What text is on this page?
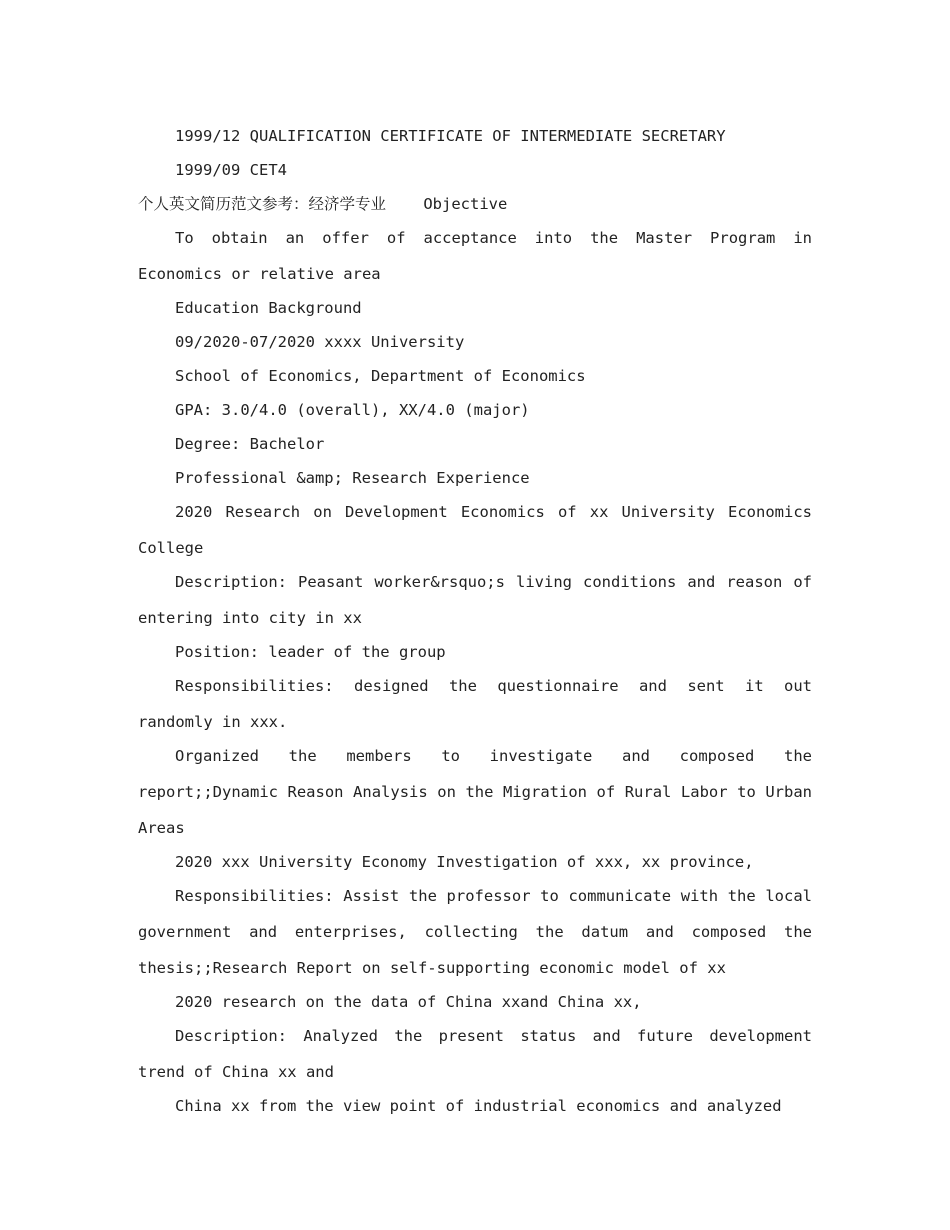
1999/12 QUALIFICATION CERTIFICATE OF INTERMEDIATE SECRETARY
1999/09 CET4
个人英文简历范文参考：经济学专业 Objective
To obtain an offer of acceptance into the Master Program in Economics or relative area
Education Background
09/2020-07/2020 xxxx University
School of Economics, Department of Economics
GPA: 3.0/4.0 (overall), XX/4.0 (major)
Degree: Bachelor
Professional &amp; Research Experience
2020 Research on Development Economics of xx University Economics College
Description: Peasant worker&rsquo;s living conditions and reason of entering into city in xx
Position: leader of the group
Responsibilities: designed the questionnaire and sent it out randomly in xxx.
Organized the members to investigate and composed the report;;Dynamic Reason Analysis on the Migration of Rural Labor to Urban Areas
2020 xxx University Economy Investigation of xxx, xx province,
Responsibilities: Assist the professor to communicate with the local government and enterprises, collecting the datum and composed the thesis;;Research Report on self-supporting economic model of xx
2020 research on the data of China xxand China xx,
Description: Analyzed the present status and future development trend of China xx and
China xx from the view point of industrial economics and analyzed
